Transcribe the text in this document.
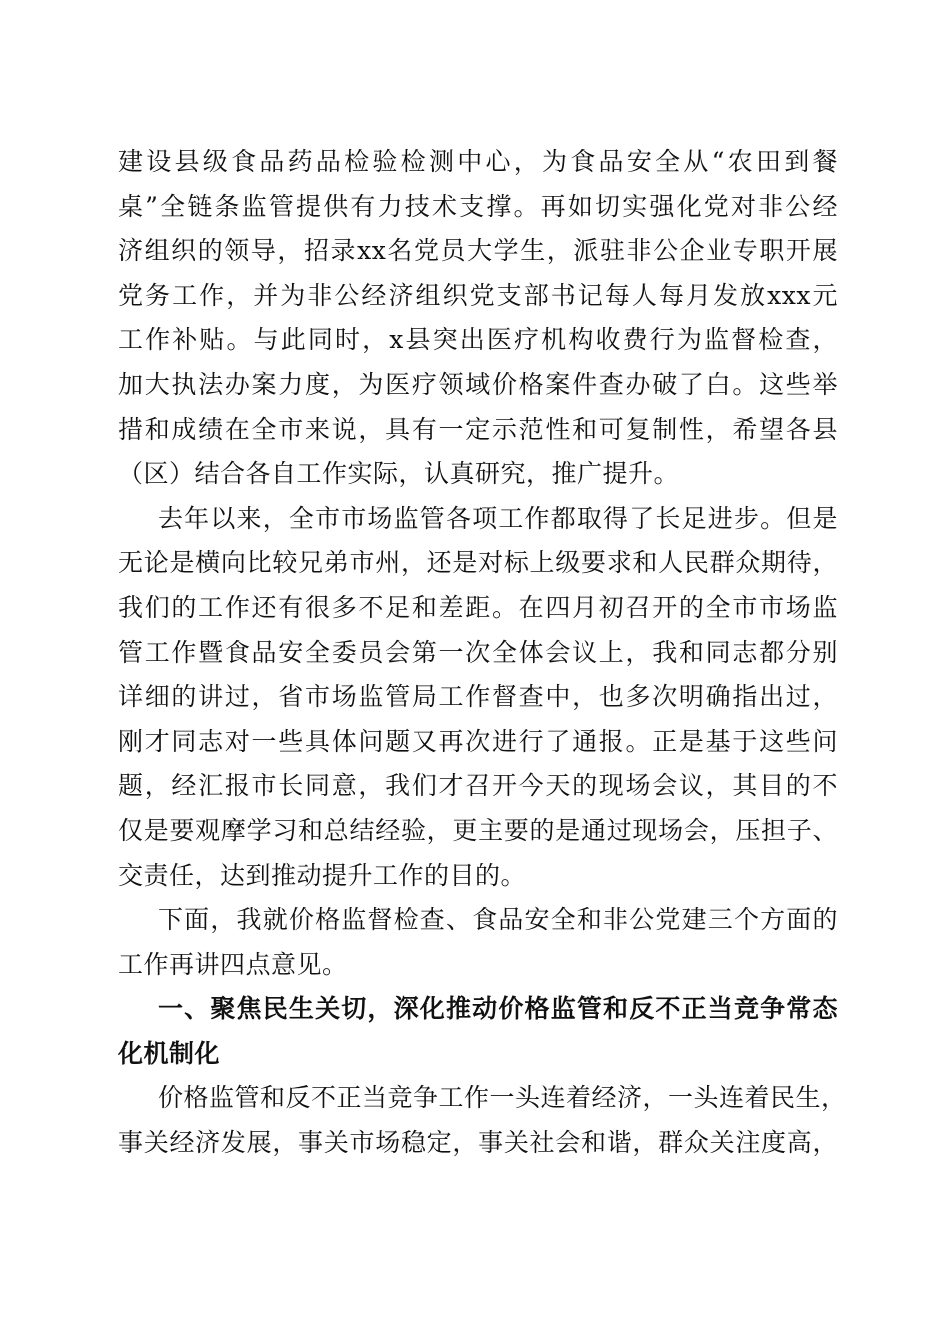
建设县级食品药品检验检测中心，为食品安全从“农田到餐
桌”全链条监管提供有力技术支撑。再如切实强化党对非公经
济组织的领导，招录xx名党员大学生，派驻非公企业专职开展
党务工作，并为非公经济组织党支部书记每人每月发放xxx元
工作补贴。与此同时，x县突出医疗机构收费行为监督检查，
加大执法办案力度，为医疗领域价格案件查办破了白。这些举
措和成绩在全市来说，具有一定示范性和可复制性，希望各县
（区）结合各自工作实际，认真研究，推广提升。
去年以来，全市市场监管各项工作都取得了长足进步。但是
无论是横向比较兄弟市州，还是对标上级要求和人民群众期待，
我们的工作还有很多不足和差距。在四月初召开的全市市场监
管工作暨食品安全委员会第一次全体会议上，我和同志都分别
详细的讲过，省市场监管局工作督查中，也多次明确指出过，
刚才同志对一些具体问题又再次进行了通报。正是基于这些问
题，经汇报市长同意，我们才召开今天的现场会议，其目的不
仅是要观摩学习和总结经验，更主要的是通过现场会，压担子、
交责任，达到推动提升工作的目的。
下面，我就价格监督检查、食品安全和非公党建三个方面的
工作再讲四点意见。
一、聚焦民生关切，深化推动价格监管和反不正当竞争常态
化机制化
价格监管和反不正当竞争工作一头连着经济，一头连着民生，
事关经济发展，事关市场稳定，事关社会和谐，群众关注度高，
